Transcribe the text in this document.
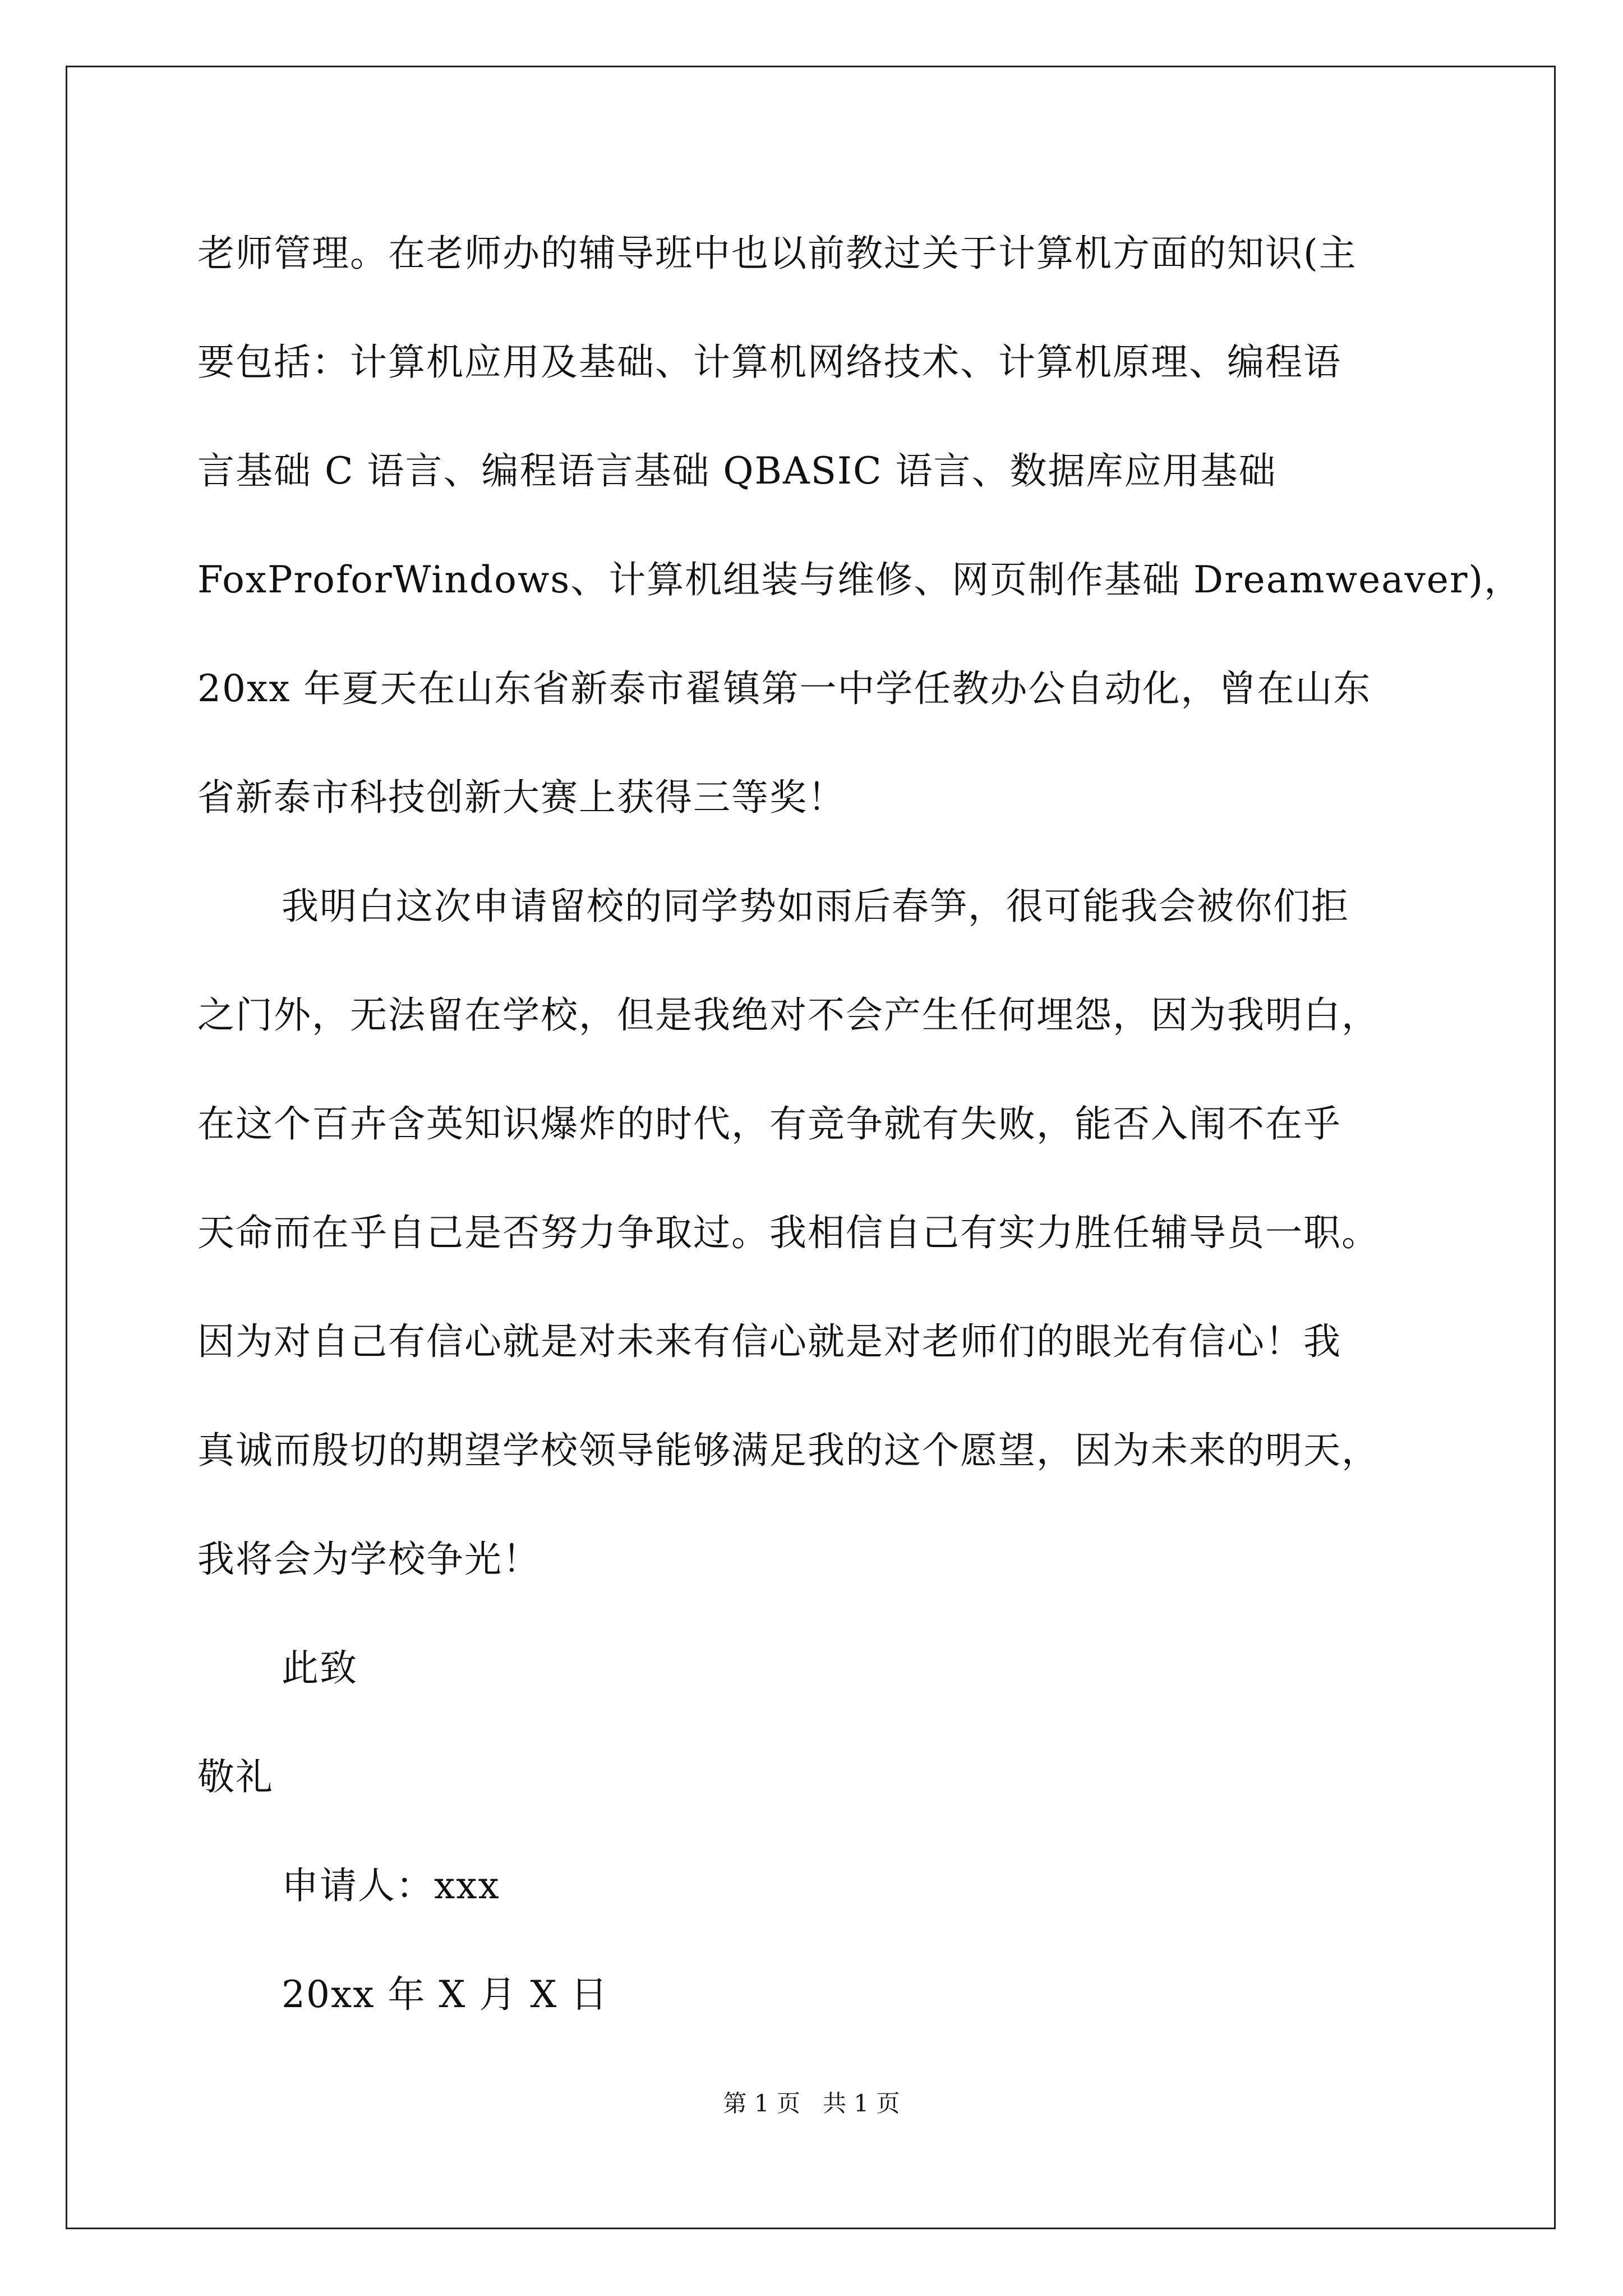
老师管理。在老师办的辅导班中也以前教过关于计算机方面的知识(主
要包括：计算机应用及基础、计算机网络技术、计算机原理、编程语
言基础 C 语言、编程语言基础 QBASIC 语言、数据库应用基础
FoxProforWindows、计算机组装与维修、网页制作基础 Dreamweaver)，
20xx 年夏天在山东省新泰市翟镇第一中学任教办公自动化，曾在山东
省新泰市科技创新大赛上获得三等奖！
我明白这次申请留校的同学势如雨后春笋，很可能我会被你们拒
之门外，无法留在学校，但是我绝对不会产生任何埋怨，因为我明白，
在这个百卉含英知识爆炸的时代，有竞争就有失败，能否入闱不在乎
天命而在乎自己是否努力争取过。我相信自己有实力胜任辅导员一职。
因为对自己有信心就是对未来有信心就是对老师们的眼光有信心！我
真诚而殷切的期望学校领导能够满足我的这个愿望，因为未来的明天，
我将会为学校争光！
此致
敬礼
申请人：xxx
20xx 年 X 月 X 日
第 1 页   共 1 页
